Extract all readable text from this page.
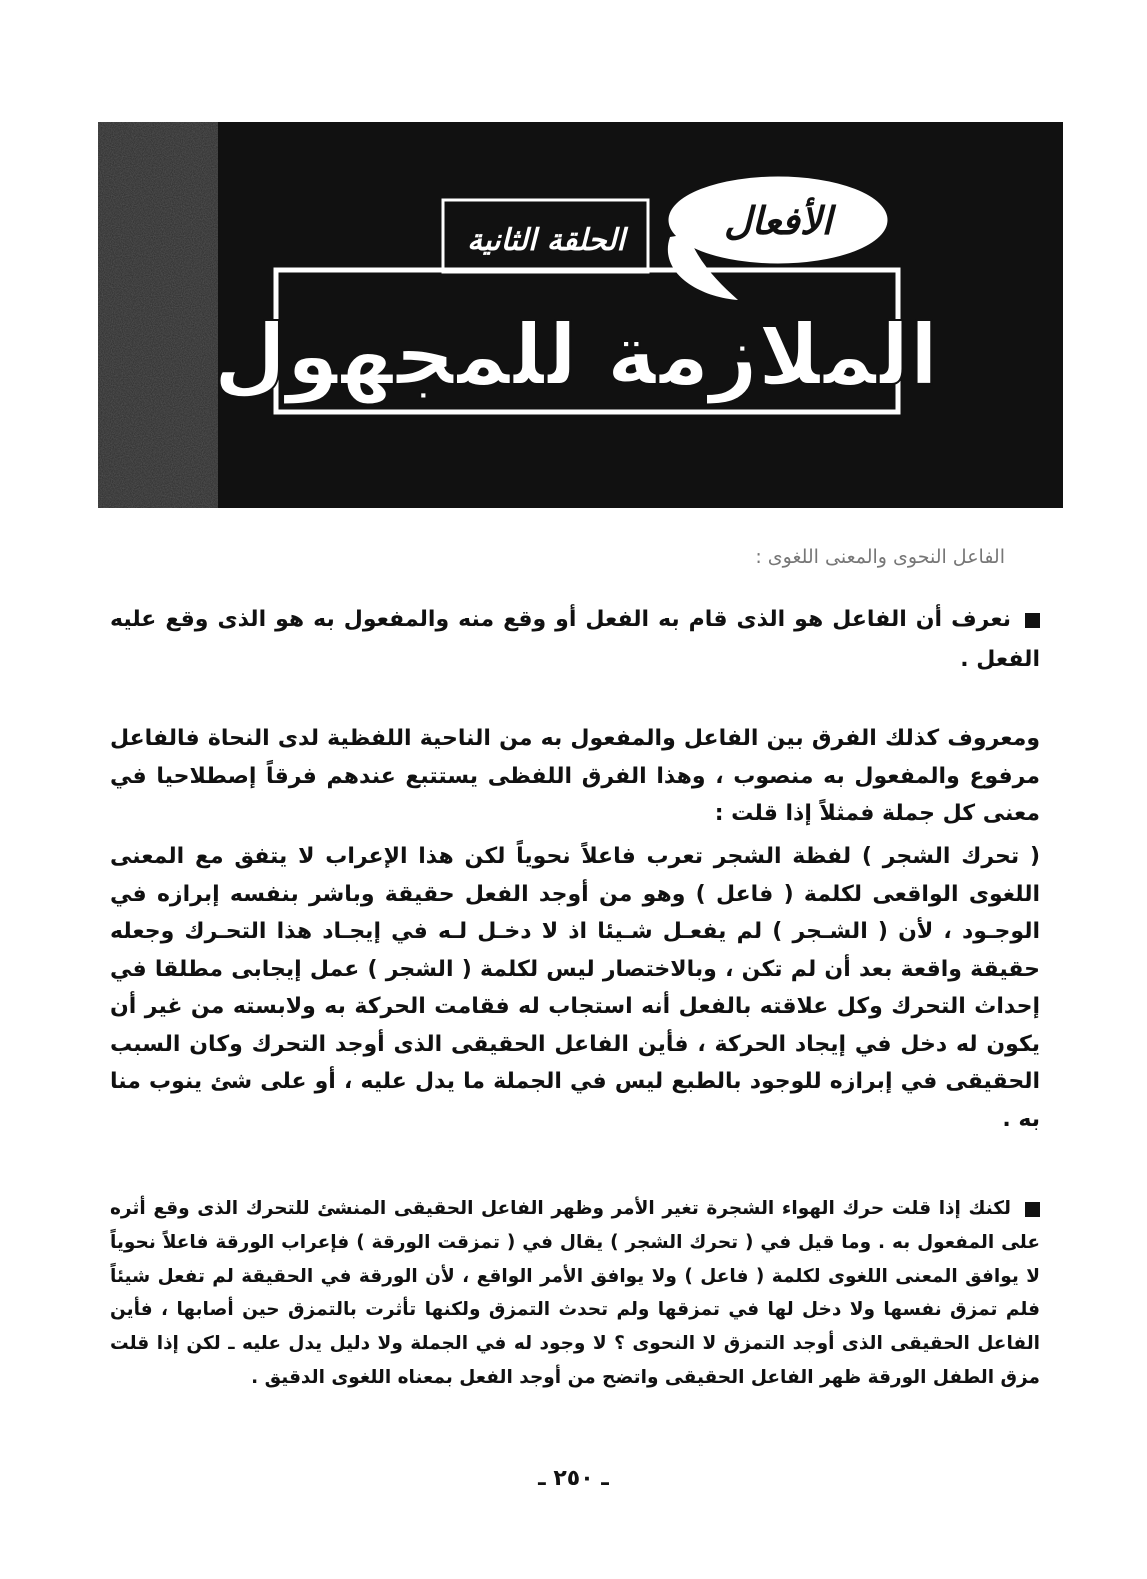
الأفعال
الحلقة الثانية
الملازمة للمجهول
الفاعل النحوى والمعنى اللغوى :
نعرف أن الفاعل هو الذى قام به الفعل أو وقع منه والمفعول به هو الذى وقع عليه الفعل .
ومعروف كذلك الفرق بين الفاعل والمفعول به من الناحية اللفظية لدى النحاة فالفاعل مرفوع والمفعول به منصوب ، وهذا الفرق اللفظى يستتبع عندهم فرقاً إصطلاحيا في معنى كل جملة فمثلاً إذا قلت :
( تحرك الشجر ) لفظة الشجر تعرب فاعلاً نحوياً لكن هذا الإعراب لا يتفق مع المعنى اللغوى الواقعى لكلمة ( فاعل ) وهو من أوجد الفعل حقيقة وباشر بنفسه إبرازه في الوجـود ، لأن ( الشـجر ) لم يفعـل شـيئا اذ لا دخـل لـه في إيجـاد هذا التحـرك وجعله حقيقة واقعة بعد أن لم تكن ، وبالاختصار ليس لكلمة ( الشجر ) عمل إيجابى مطلقا في إحداث التحرك وكل علاقته بالفعل أنه استجاب له فقامت الحركة به ولابسته من غير أن يكون له دخل في إيجاد الحركة ، فأين الفاعل الحقيقى الذى أوجد التحرك وكان السبب الحقيقى في إبرازه للوجود بالطبع ليس في الجملة ما يدل عليه ، أو على شئ ينوب منا به .
لكنك إذا قلت حرك الهواء الشجرة تغير الأمر وظهر الفاعل الحقيقى المنشئ للتحرك الذى وقع أثره على المفعول به . وما قيل في ( تحرك الشجر ) يقال في ( تمزقت الورقة ) فإعراب الورقة فاعلاً نحوياً لا يوافق المعنى اللغوى لكلمة ( فاعل ) ولا يوافق الأمر الواقع ، لأن الورقة في الحقيقة لم تفعل شيئاً فلم تمزق نفسها ولا دخل لها في تمزقها ولم تحدث التمزق ولكنها تأثرت بالتمزق حين أصابها ، فأين الفاعل الحقيقى الذى أوجد التمزق لا النحوى ؟ لا وجود له في الجملة ولا دليل يدل عليه ـ لكن إذا قلت مزق الطفل الورقة ظهر الفاعل الحقيقى واتضح من أوجد الفعل بمعناه اللغوى الدقيق .
ـ ٢٥٠ ـ
